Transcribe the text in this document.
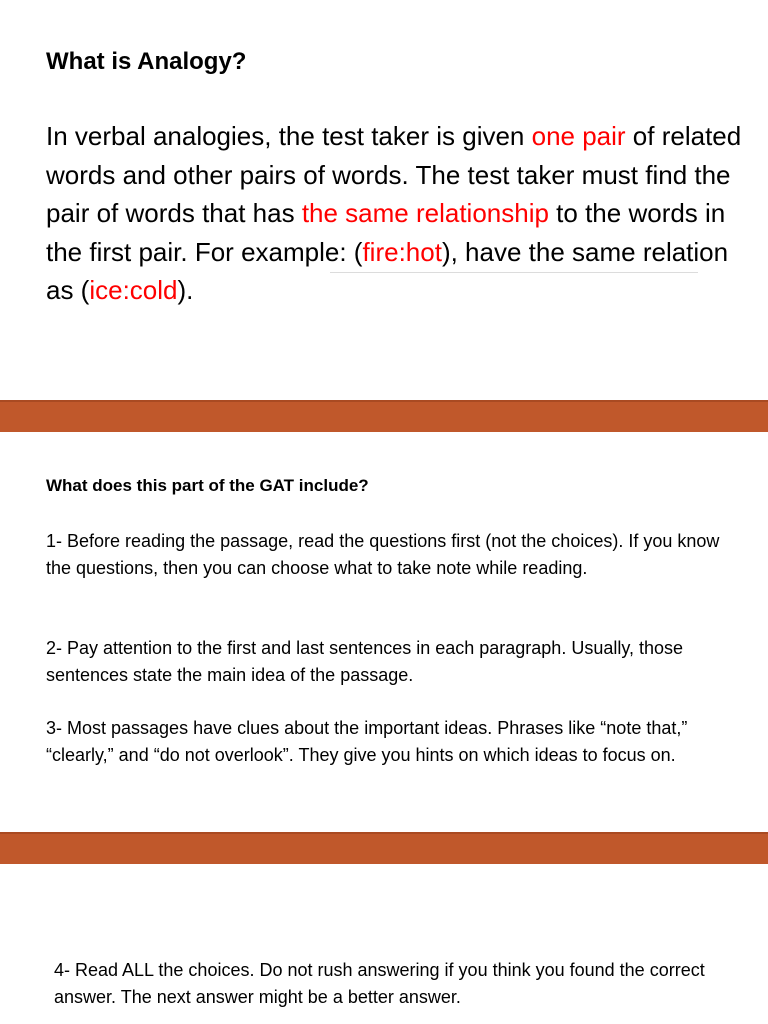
What is Analogy?

In verbal analogies, the test taker is given one pair of related words and other pairs of words. The test taker must find the pair of words that has the same relationship to the words in the first pair. For example: (fire:hot), have the same relation as (ice:cold).

What does this part of the GAT include?

1- Before reading the passage, read the questions first (not the choices). If you know the questions, then you can choose what to take note while reading.

2- Pay attention to the first and last sentences in each paragraph. Usually, those sentences state the main idea of the passage.

3- Most passages have clues about the important ideas. Phrases like “note that,” “clearly,” and “do not overlook”. They give you hints on which ideas to focus on.

4- Read ALL the choices. Do not rush answering if you think you found the correct answer. The next answer might be a better answer.
